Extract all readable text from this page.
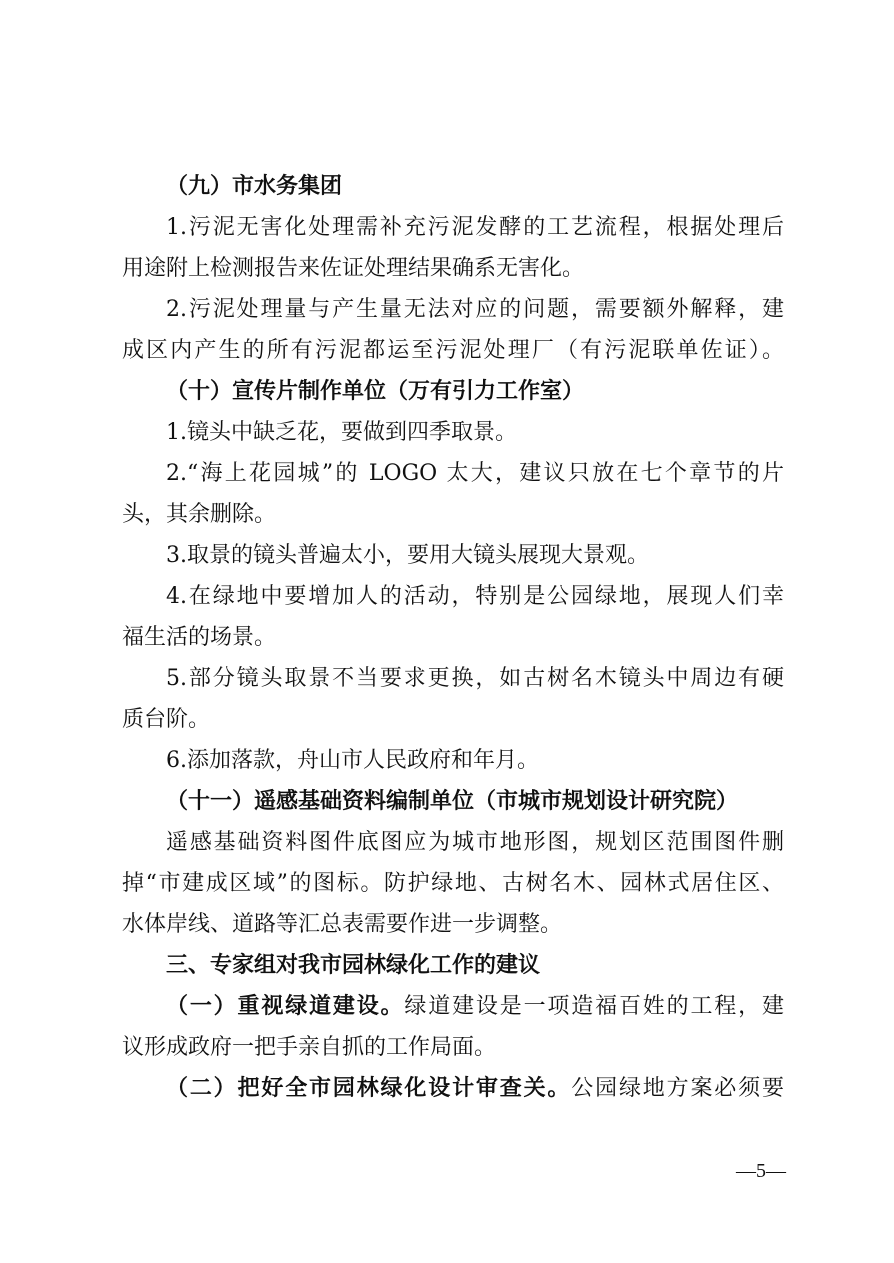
（九）市水务集团
1.污泥无害化处理需补充污泥发酵的工艺流程，根据处理后
用途附上检测报告来佐证处理结果确系无害化。
2.污泥处理量与产生量无法对应的问题，需要额外解释，建
成区内产生的所有污泥都运至污泥处理厂（有污泥联单佐证）。
（十）宣传片制作单位（万有引力工作室）
1.镜头中缺乏花，要做到四季取景。
2.“海上花园城”的 LOGO 太大，建议只放在七个章节的片
头，其余删除。
3.取景的镜头普遍太小，要用大镜头展现大景观。
4.在绿地中要增加人的活动，特别是公园绿地，展现人们幸
福生活的场景。
5.部分镜头取景不当要求更换，如古树名木镜头中周边有硬
质台阶。
6.添加落款，舟山市人民政府和年月。
（十一）遥感基础资料编制单位（市城市规划设计研究院）
遥感基础资料图件底图应为城市地形图，规划区范围图件删
掉“市建成区域”的图标。防护绿地、古树名木、园林式居住区、
水体岸线、道路等汇总表需要作进一步调整。
三、专家组对我市园林绿化工作的建议
（一）重视绿道建设。绿道建设是一项造福百姓的工程，建
议形成政府一把手亲自抓的工作局面。
（二）把好全市园林绿化设计审查关。公园绿地方案必须要
—5—
